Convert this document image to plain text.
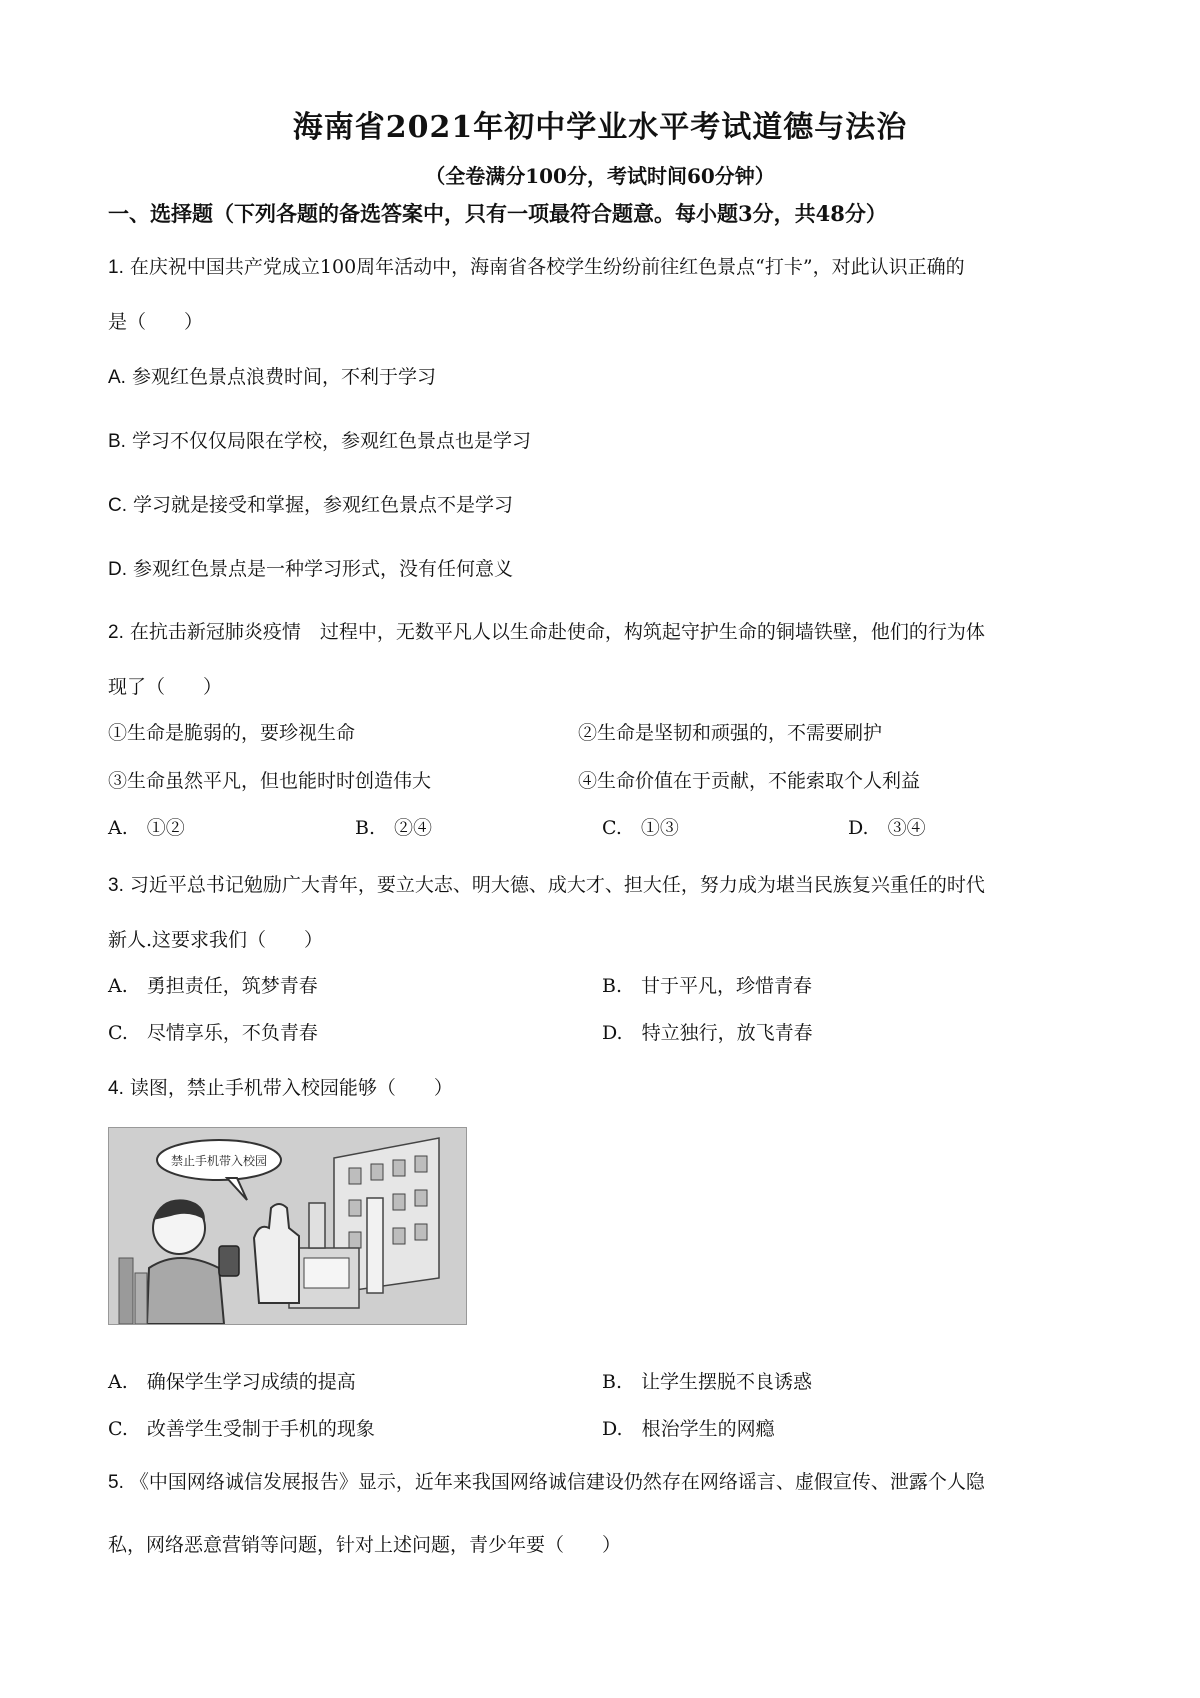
海南省2021年初中学业水平考试道德与法治
（全卷满分100分，考试时间60分钟）
一、选择题（下列各题的备选答案中，只有一项最符合题意。每小题3分，共48分）
1. 在庆祝中国共产党成立100周年活动中，海南省各校学生纷纷前往红色景点“打卡”，对此认识正确的
是（　　）
A. 参观红色景点浪费时间，不利于学习
B. 学习不仅仅局限在学校，参观红色景点也是学习
C. 学习就是接受和掌握，参观红色景点不是学习
D. 参观红色景点是一种学习形式，没有任何意义
2. 在抗击新冠肺炎疫情　过程中，无数平凡人以生命赴使命，构筑起守护生命的铜墙铁壁，他们的行为体
现了（　　）
①生命是脆弱的，要珍视生命	②生命是坚韧和顽强的，不需要刷护
③生命虽然平凡，但也能时时创造伟大	④生命价值在于贡献，不能索取个人利益
A.　①②	B.　②④	C.　①③	D.　③④
3. 习近平总书记勉励广大青年，要立大志、明大德、成大才、担大任，努力成为堪当民族复兴重任的时代
新人.这要求我们（　　）
A.　勇担责任，筑梦青春	B.　甘于平凡，珍惜青春
C.　尽情享乐，不负青春	D.　特立独行，放飞青春
4. 读图，禁止手机带入校园能够（　　）
禁止手机带入校园
A.　确保学生学习成绩的提高	B.　让学生摆脱不良诱惑
C.　改善学生受制于手机的现象	D.　根治学生的网瘾
5. 《中国网络诚信发展报告》显示，近年来我国网络诚信建设仍然存在网络谣言、虚假宣传、泄露个人隐
私，网络恶意营销等问题，针对上述问题，青少年要（　　）
